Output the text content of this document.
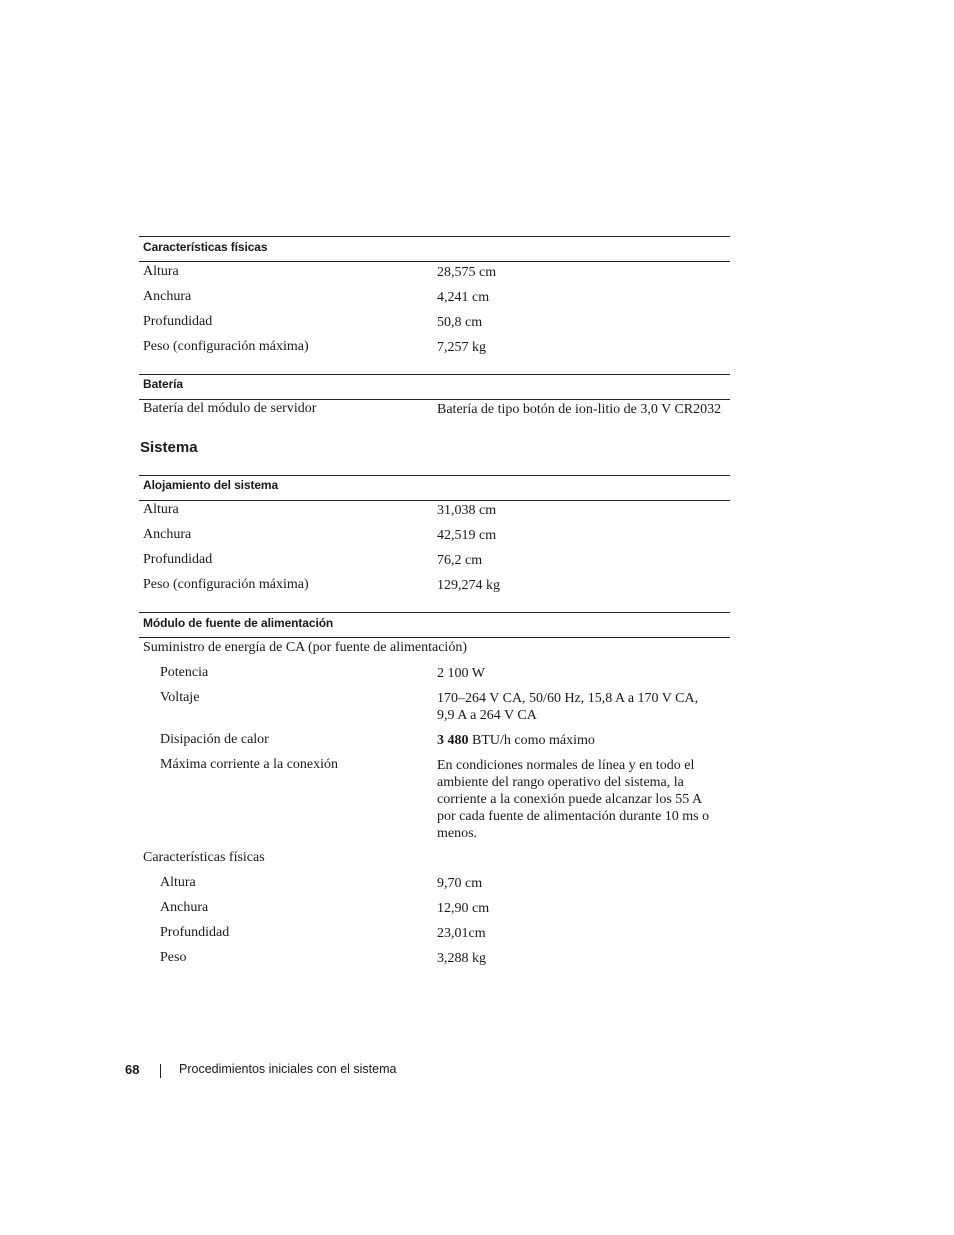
Características físicas
Altura	28,575 cm
Anchura	4,241 cm
Profundidad	50,8 cm
Peso (configuración máxima)	7,257 kg
Batería
Batería del módulo de servidor	Batería de tipo botón de ion-litio de 3,0 V CR2032
Sistema
Alojamiento del sistema
Altura	31,038 cm
Anchura	42,519 cm
Profundidad	76,2 cm
Peso (configuración máxima)	129,274 kg
Módulo de fuente de alimentación
Suministro de energía de CA (por fuente de alimentación)
Potencia	2 100 W
Voltaje	170–264 V CA, 50/60 Hz, 15,8 A a 170 V CA, 9,9 A a 264 V CA
Disipación de calor	3 480 BTU/h como máximo
Máxima corriente a la conexión	En condiciones normales de línea y en todo el ambiente del rango operativo del sistema, la corriente a la conexión puede alcanzar los 55 A por cada fuente de alimentación durante 10 ms o menos.
Características físicas
Altura	9,70 cm
Anchura	12,90 cm
Profundidad	23,01cm
Peso	3,288 kg
68	Procedimientos iniciales con el sistema
